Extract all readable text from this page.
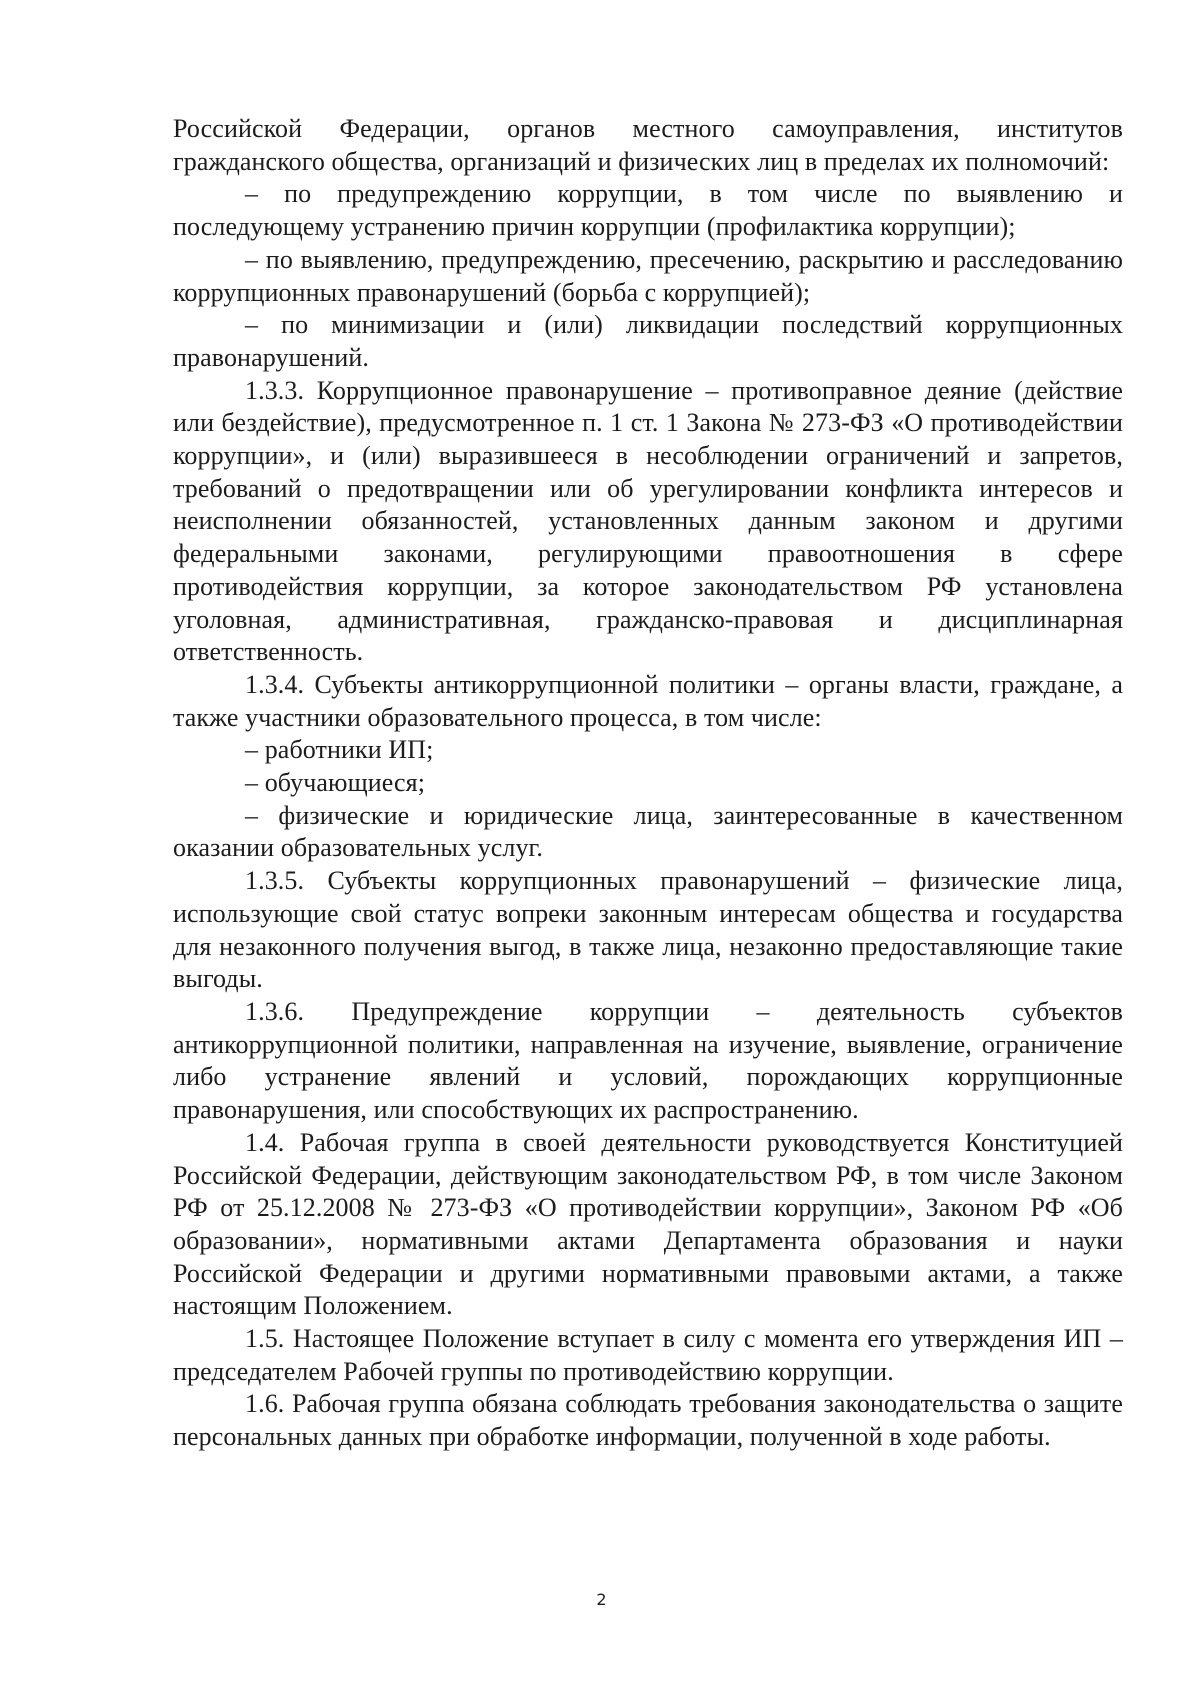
Российской Федерации, органов местного самоуправления, институтов гражданского общества, организаций и физических лиц в пределах их полномочий:

– по предупреждению коррупции, в том числе по выявлению и последующему устранению причин коррупции (профилактика коррупции);

– по выявлению, предупреждению, пресечению, раскрытию и расследованию коррупционных правонарушений (борьба с коррупцией);

– по минимизации и (или) ликвидации последствий коррупционных правонарушений.

1.3.3. Коррупционное правонарушение – противоправное деяние (действие или бездействие), предусмотренное п. 1 ст. 1 Закона № 273-ФЗ «О противодействии коррупции», и (или) выразившееся в несоблюдении ограничений и запретов, требований о предотвращении или об урегулировании конфликта интересов и неисполнении обязанностей, установленных данным законом и другими федеральными законами, регулирующими правоотношения в сфере противодействия коррупции, за которое законодательством РФ установлена уголовная, административная, гражданско-правовая и дисциплинарная ответственность.

1.3.4. Субъекты антикоррупционной политики – органы власти, граждане, а также участники образовательного процесса, в том числе:

– работники ИП;

– обучающиеся;

– физические и юридические лица, заинтересованные в качественном оказании образовательных услуг.

1.3.5. Субъекты коррупционных правонарушений – физические лица, использующие свой статус вопреки законным интересам общества и государства для незаконного получения выгод, в также лица, незаконно предоставляющие такие выгоды.

1.3.6. Предупреждение коррупции – деятельность субъектов антикоррупционной политики, направленная на изучение, выявление, ограничение либо устранение явлений и условий, порождающих коррупционные правонарушения, или способствующих их распространению.

1.4. Рабочая группа в своей деятельности руководствуется Конституцией Российской Федерации, действующим законодательством РФ, в том числе Законом РФ от 25.12.2008 № 273-ФЗ «О противодействии коррупции», Законом РФ «Об образовании», нормативными актами Департамента образования и науки Российской Федерации и другими нормативными правовыми актами, а также настоящим Положением.

1.5. Настоящее Положение вступает в силу с момента его утверждения ИП – председателем Рабочей группы по противодействию коррупции.

1.6. Рабочая группа обязана соблюдать требования законодательства о защите персональных данных при обработке информации, полученной в ходе работы.

2
